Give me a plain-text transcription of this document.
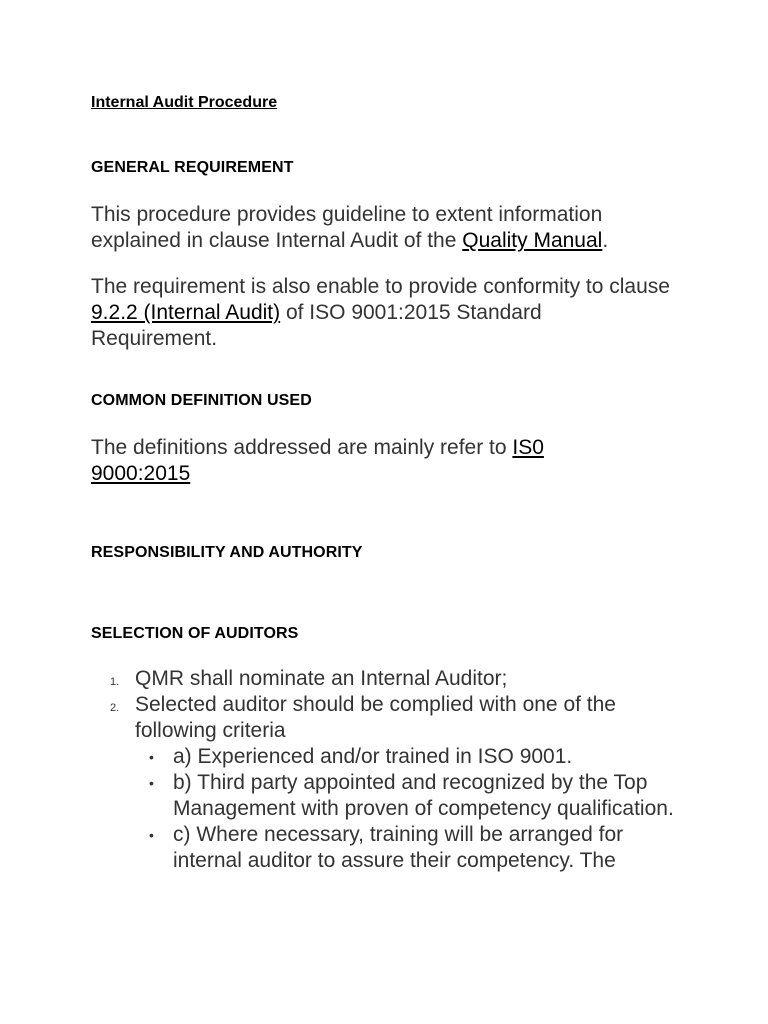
Internal Audit Procedure

GENERAL REQUIREMENT

This procedure provides guideline to extent information explained in clause Internal Audit of the Quality Manual.

The requirement is also enable to provide conformity to clause 9.2.2 (Internal Audit) of ISO 9001:2015 Standard Requirement.

COMMON DEFINITION USED

The definitions addressed are mainly refer to IS0 9000:2015

RESPONSIBILITY AND AUTHORITY

SELECTION OF AUDITORS

1. QMR shall nominate an Internal Auditor;
2. Selected auditor should be complied with one of the following criteria
• a) Experienced and/or trained in ISO 9001.
• b) Third party appointed and recognized by the Top Management with proven of competency qualification.
• c) Where necessary, training will be arranged for internal auditor to assure their competency. The
